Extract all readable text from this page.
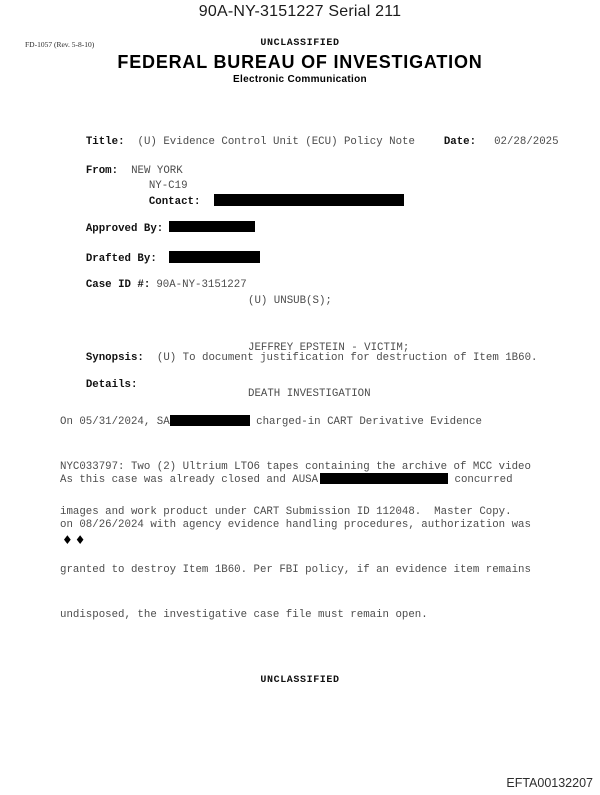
90A-NY-3151227 Serial 211
FD-1057 (Rev. 5-8-10)	UNCLASSIFIED
FEDERAL BUREAU OF INVESTIGATION
Electronic Communication

Title: (U) Evidence Control Unit (ECU) Policy Note
	Date: 02/28/2025

From: NEW YORK

NY-C19

Contact:

Approved By:

Drafted By:

Case ID #: 90A-NY-3151227

(U) UNSUB(S);

JEFFREY EPSTEIN - VICTIM;

DEATH INVESTIGATION

Synopsis: (U) To document justification for destruction of Item 1B60.

Details:

On 05/31/2024, SA	charged-in CART Derivative Evidence

NYC033797: Two (2) Ultrium LTO6 tapes containing the archive of MCC video

images and work product under CART Submission ID 112048.  Master Copy.

As this case was already closed and AUSA	concurred

on 08/26/2024 with agency evidence handling procedures, authorization was

granted to destroy Item 1B60. Per FBI policy, if an evidence item remains

undisposed, the investigative case file must remain open.

♦♦
UNCLASSIFIED
EFTA00132207
